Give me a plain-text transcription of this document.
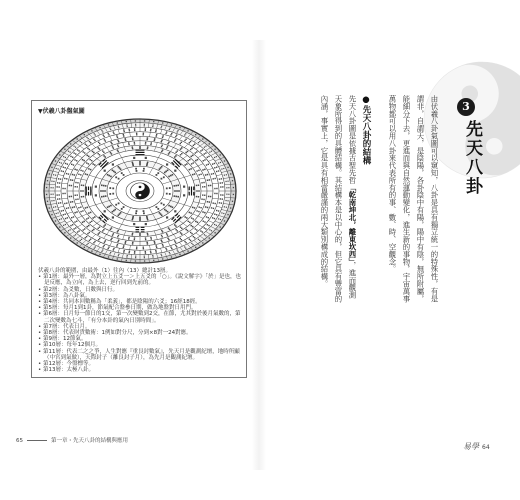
▼伏羲八卦盤氣圖
伏羲八卦的範圍，由最外（1）往內（13）總計13層。
• 第1層：最外一層，為對立上五爻一＞上五爻的「○」。《說文解字》「於」是也，也是反應，為立向，為上去，逆行回到先前的。
• 第2層：為爻數，日數與日行。
• 第3層：為八卦氣。
• 第4層：共同本回數稱為「柔義」，都是陰陽的六爻；16經18經。
• 第5層：每月1到1卦，節氣配合盤參日期，做為地盤對日用門。
• 第6層：日月每一節日的1交，第一次變數到2交，在節，尤其對於後月氣數的，第二次變數為七斗，「有分本卦的氣內日別時間」。
• 第7層：代表日月。
• 第8層：代表財貨數術：1例如對分尺，分到×8對一24對應。
• 第9層：12節氣。
• 第10層：每年12個月。
• 第11層：代表二之之爭，人生對應『重艮封數氣』，先天月是觀測紀壇，地時所顯（中宮到氣做），天際封子（離艮封子月），為先月是觀測紀壇。
• 第12層：今盤標等。
• 第13層：太極八卦。
65	第一章・先天八卦的結構與應用
3
先天八卦

由伏羲八卦氣圖可以窺知，八卦是具有獨立統一的特殊性，有是謂非，自謂天，是陰陽，各卦陰中有陽，陽中有陰，無所附屬，能細分下去，更進而與自然運動變化，進生新的事物，宇宙萬事萬物都可以用八卦來代表所有的事、數、時、空觀念。

●先天八卦的結構

先天八卦圖是依據古聖先哲「乾南坤北，離東坎西」，進而觀測天象所得到的具體結構。其結構本是以中心的，但它具有豐富的內涵，事實上，它是具有相當嚴謹的兩大類別構成的結構。

易學 64
